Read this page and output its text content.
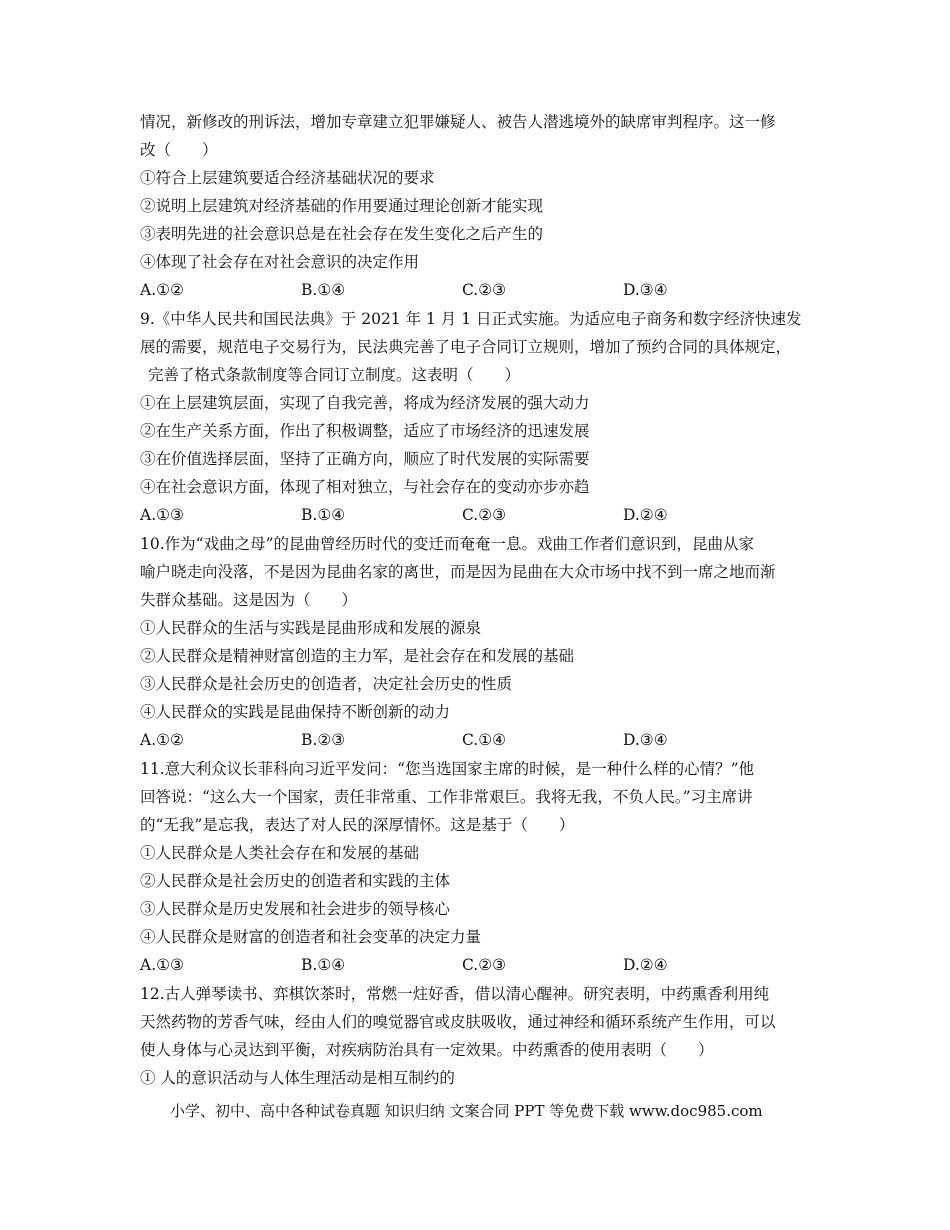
情况，新修改的刑诉法，增加专章建立犯罪嫌疑人、被告人潜逃境外的缺席审判程序。这一修
改（　　）
①符合上层建筑要适合经济基础状况的要求
②说明上层建筑对经济基础的作用要通过理论创新才能实现
③表明先进的社会意识总是在社会存在发生变化之后产生的
④体现了社会存在对社会意识的决定作用
A.①②	B.①④	C.②③	D.③④
9.《中华人民共和国民法典》于 2021 年 1 月 1 日正式实施。为适应电子商务和数字经济快速发
展的需要，规范电子交易行为，民法典完善了电子合同订立规则，增加了预约合同的具体规定，
完善了格式条款制度等合同订立制度。这表明（　　）
①在上层建筑层面，实现了自我完善，将成为经济发展的强大动力
②在生产关系方面，作出了积极调整，适应了市场经济的迅速发展
③在价值选择层面，坚持了正确方向，顺应了时代发展的实际需要
④在社会意识方面，体现了相对独立，与社会存在的变动亦步亦趋
A.①③	B.①④	C.②③	D.②④
10.作为“戏曲之母”的昆曲曾经历时代的变迁而奄奄一息。戏曲工作者们意识到，昆曲从家
喻户晓走向没落，不是因为昆曲名家的离世，而是因为昆曲在大众市场中找不到一席之地而渐
失群众基础。这是因为（　　）
①人民群众的生活与实践是昆曲形成和发展的源泉
②人民群众是精神财富创造的主力军，是社会存在和发展的基础
③人民群众是社会历史的创造者，决定社会历史的性质
④人民群众的实践是昆曲保持不断创新的动力
A.①②	B.②③	C.①④	D.③④
11.意大利众议长菲科向习近平发问：“您当选国家主席的时候，是一种什么样的心情？”他
回答说：“这么大一个国家，责任非常重、工作非常艰巨。我将无我，不负人民。”习主席讲
的“无我”是忘我，表达了对人民的深厚情怀。这是基于（　　）
①人民群众是人类社会存在和发展的基础
②人民群众是社会历史的创造者和实践的主体
③人民群众是历史发展和社会进步的领导核心
④人民群众是财富的创造者和社会变革的决定力量
A.①③	B.①④	C.②③	D.②④
12.古人弹琴读书、弈棋饮茶时，常燃一炷好香，借以清心醒神。研究表明，中药熏香利用纯
天然药物的芳香气味，经由人们的嗅觉器官或皮肤吸收，通过神经和循环系统产生作用，可以
使人身体与心灵达到平衡，对疾病防治具有一定效果。中药熏香的使用表明（　　）
① 人的意识活动与人体生理活动是相互制约的
小学、初中、高中各种试卷真题 知识归纳 文案合同 PPT 等免费下载 www.doc985.com
